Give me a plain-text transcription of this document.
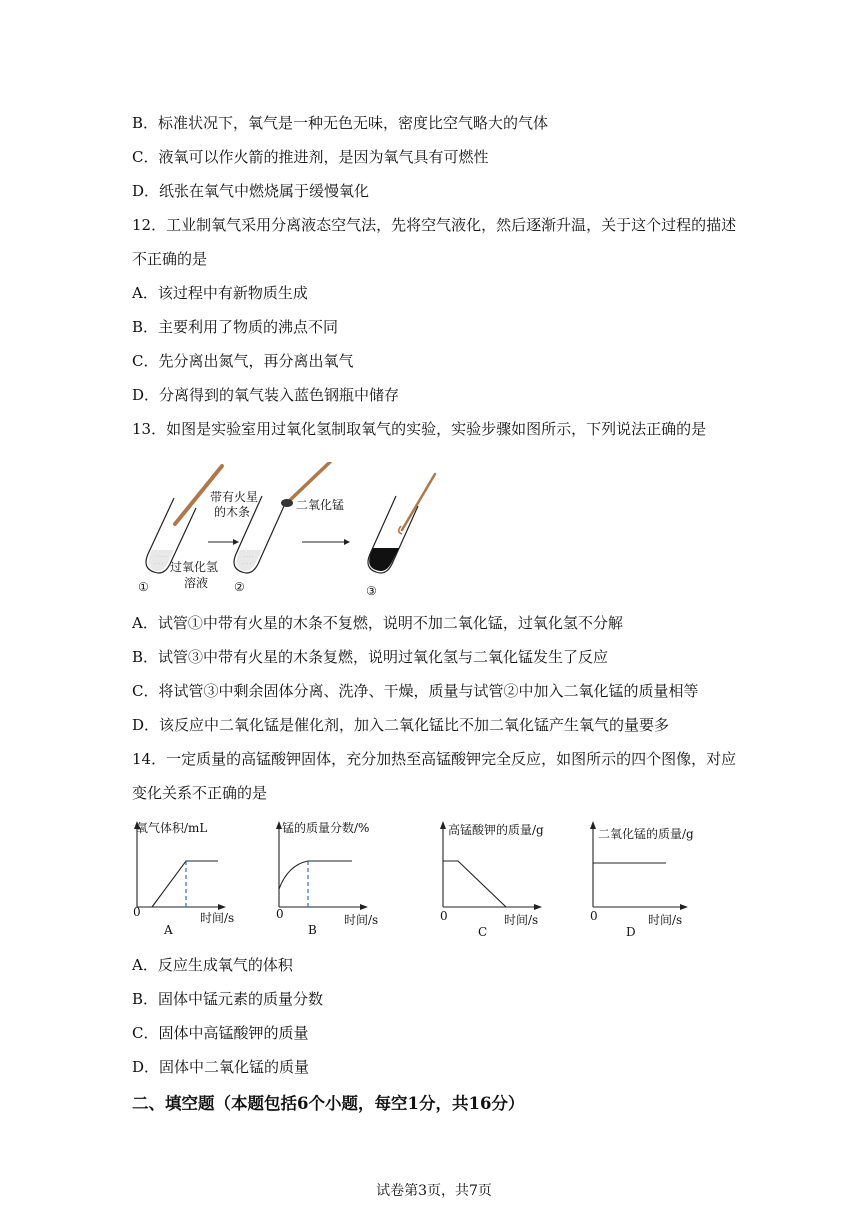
B．标准状况下，氧气是一种无色无味，密度比空气略大的气体
C．液氧可以作火箭的推进剂，是因为氧气具有可燃性
D．纸张在氧气中燃烧属于缓慢氧化
12．工业制氧气采用分离液态空气法，先将空气液化，然后逐渐升温，关于这个过程的描述
不正确的是
A．该过程中有新物质生成
B．主要利用了物质的沸点不同
C．先分离出氮气，再分离出氧气
D．分离得到的氧气装入蓝色钢瓶中储存
13．如图是实验室用过氧化氢制取氧气的实验，实验步骤如图所示，下列说法正确的是
· · · ·
· · · ·
· · · ·
· · · ·
带有火星
的木条	二氧化锰
过氧化氢
溶液
①	②	③
A．试管①中带有火星的木条不复燃，说明不加二氧化锰，过氧化氢不分解
B．试管③中带有火星的木条复燃，说明过氧化氢与二氧化锰发生了反应
C．将试管③中剩余固体分离、洗净、干燥，质量与试管②中加入二氧化锰的质量相等
D．该反应中二氧化锰是催化剂，加入二氧化锰比不加二氧化锰产生氧气的量要多
14．一定质量的高锰酸钾固体，充分加热至高锰酸钾完全反应，如图所示的四个图像，对应
变化关系不正确的是
氧气体积/mL
0	时间/s
A
锰的质量分数/%
0	时间/s
B
高锰酸钾的质量/g
0	时间/s
C
二氧化锰的质量/g
0	时间/s
D
A．反应生成氧气的体积
B．固体中锰元素的质量分数
C．固体中高锰酸钾的质量
D．固体中二氧化锰的质量
二、填空题（本题包括6个小题，每空1分，共16分）
试卷第3页，共7页
